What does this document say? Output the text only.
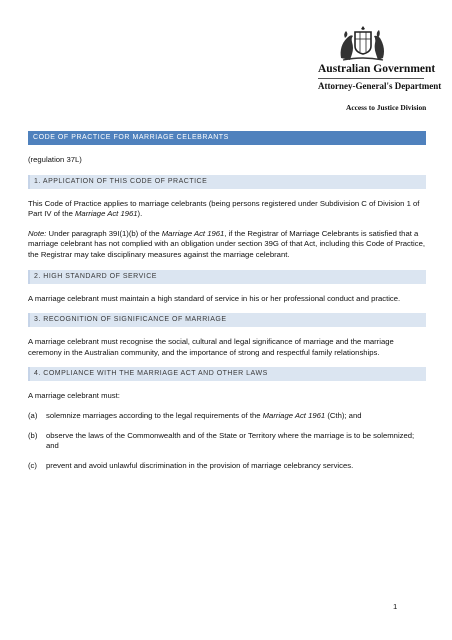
Australian Government
Attorney-General's Department
Access to Justice Division
CODE OF PRACTICE FOR MARRIAGE CELEBRANTS

(regulation 37L)

1. APPLICATION OF THIS CODE OF PRACTICE

This Code of Practice applies to marriage celebrants (being persons registered under Subdivision C of Division 1 of Part IV of the Marriage Act 1961).

Note: Under paragraph 39I(1)(b) of the Marriage Act 1961, if the Registrar of Marriage Celebrants is satisfied that a marriage celebrant has not complied with an obligation under section 39G of that Act, including this Code of Practice, the Registrar may take disciplinary measures against the marriage celebrant.

2. HIGH STANDARD OF SERVICE

A marriage celebrant must maintain a high standard of service in his or her professional conduct and practice.

3. RECOGNITION OF SIGNIFICANCE OF MARRIAGE

A marriage celebrant must recognise the social, cultural and legal significance of marriage and the marriage ceremony in the Australian community, and the importance of strong and respectful family relationships.

4. COMPLIANCE WITH THE MARRIAGE ACT AND OTHER LAWS

A marriage celebrant must:

(a)	solemnize marriages according to the legal requirements of the Marriage Act 1961 (Cth); and
(b)	observe the laws of the Commonwealth and of the State or Territory where the marriage is to be solemnized; and
(c)	prevent and avoid unlawful discrimination in the provision of marriage celebrancy services.
1
